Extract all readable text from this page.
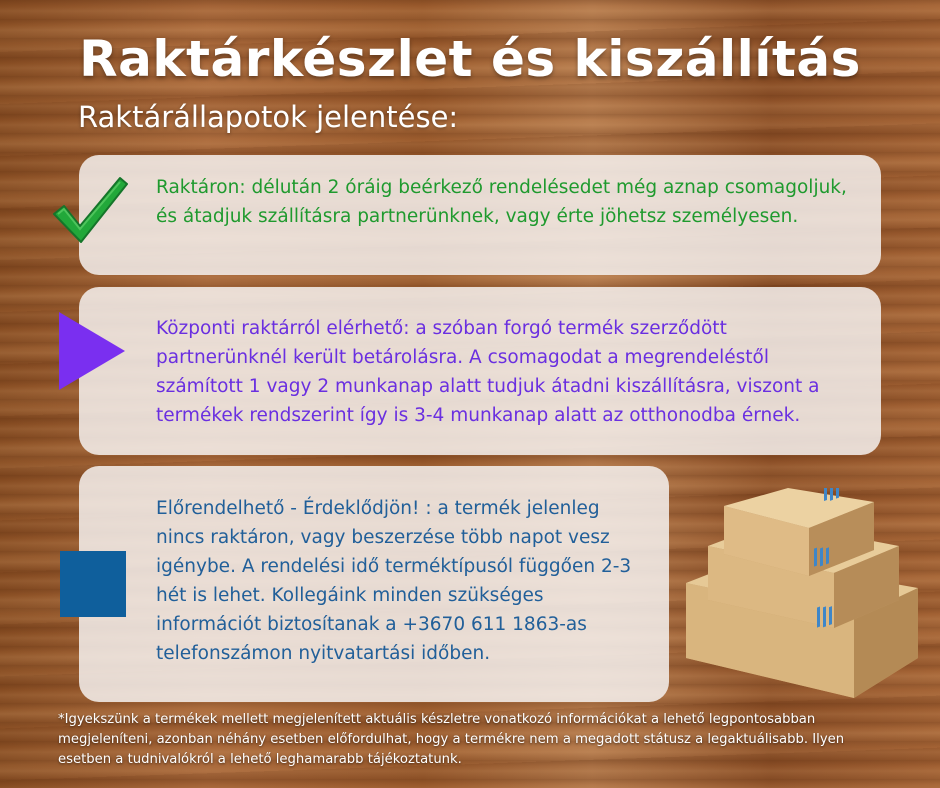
Raktárkészlet és kiszállítás
Raktárállapotok jelentése:
Raktáron: délután 2 óráig beérkező rendelésedet még aznap csomagoljuk, és átadjuk szállításra partnerünknek, vagy érte jöhetsz személyesen.
Központi raktárról elérhető: a szóban forgó termék szerződött partnerünknél került betárolásra. A csomagodat a megrendeléstől számított 1 vagy 2 munkanap alatt tudjuk átadni kiszállításra, viszont a termékek rendszerint így is 3-4 munkanap alatt az otthonodba érnek.
Előrendelhető - Érdeklődjön! : a termék jelenleg nincs raktáron, vagy beszerzése több napot vesz igénybe. A rendelési idő terméktípusól függően 2-3 hét is lehet. Kollegáink minden szükséges információt biztosítanak a +3670 611 1863-as telefonszámon nyitvatartási időben.
*Igyekszünk a termékek mellett megjelenített aktuális készletre vonatkozó információkat a lehető legpontosabban megjeleníteni, azonban néhány esetben előfordulhat, hogy a termékre nem a megadott státusz a legaktuálisabb. Ilyen esetben a tudnivalókról a lehető leghamarabb tájékoztatunk.
